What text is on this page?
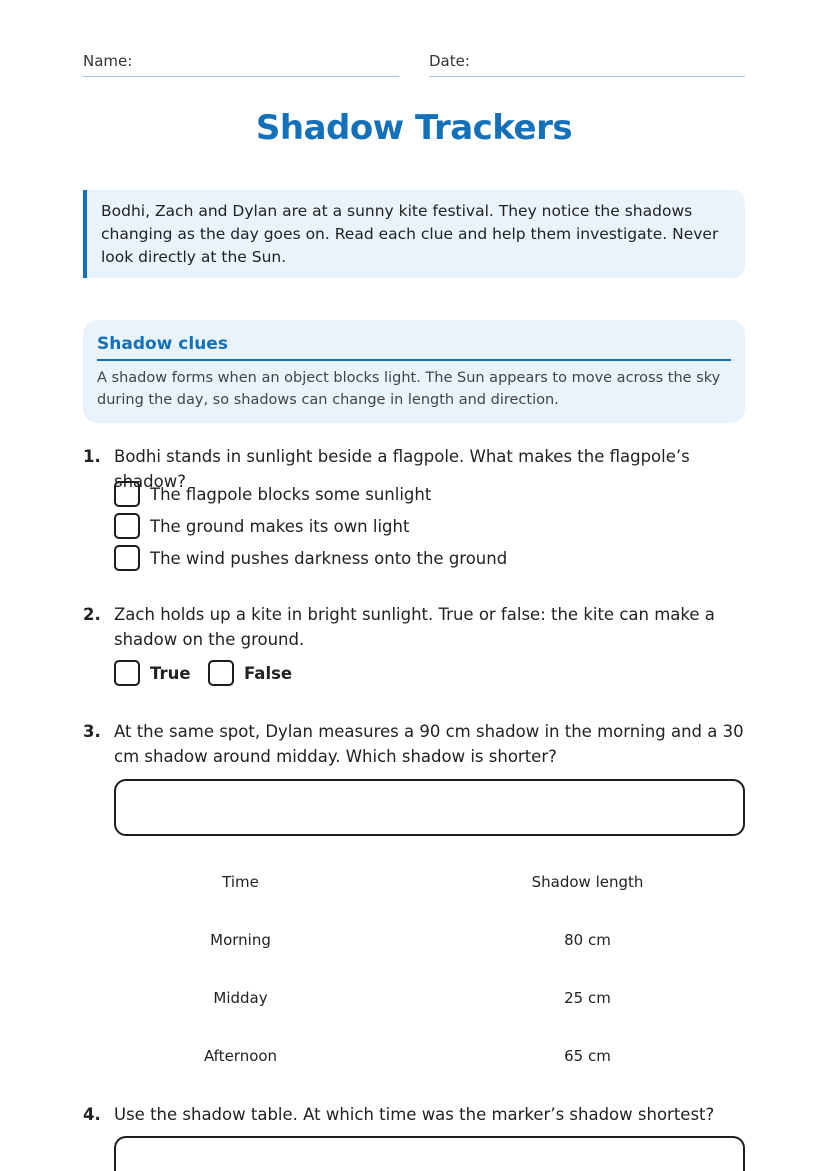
Name:	Date:
Shadow Trackers

Bodhi, Zach and Dylan are at a sunny kite festival. They notice the shadows changing as the day goes on. Read each clue and help them investigate. Never look directly at the Sun.

Shadow clues
A shadow forms when an object blocks light. The Sun appears to move across the sky during the day, so shadows can change in length and direction.
1. Bodhi stands in sunlight beside a flagpole. What makes the flagpole’s shadow?
The flagpole blocks some sunlight
The ground makes its own light
The wind pushes darkness onto the ground
2. Zach holds up a kite in bright sunlight. True or false: the kite can make a shadow on the ground.
True	False
3. At the same spot, Dylan measures a 90 cm shadow in the morning and a 30 cm shadow around midday. Which shadow is shorter?
Time	Shadow length
Morning	80 cm
Midday	25 cm
Afternoon	65 cm
4. Use the shadow table. At which time was the marker’s shadow shortest?
